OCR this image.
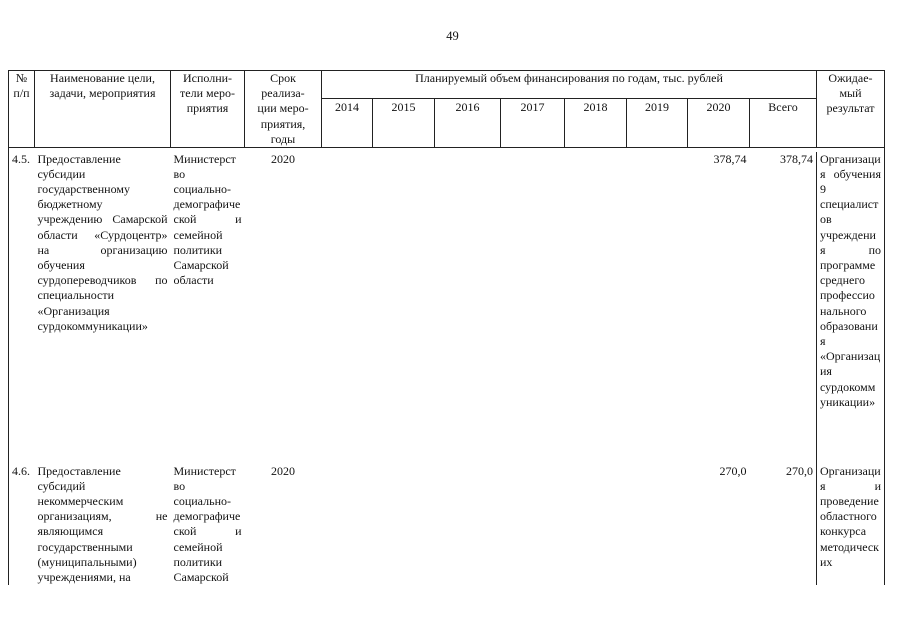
49
№ п/п	Наименование цели, задачи, мероприятия	Исполни-
тели меро-
приятия	Срок
реализа-
ции меро-
приятия,
годы	Планируемый объем финансирования по годам, тыс. рублей								Ожидае-
мый
результат
				2014	2015	2016	2017	2018	2019	2020	Всего	

4.5.	Предоставление субсидии государственному бюджетному учреждению Самарской области «Сурдоцентр» на организацию обучения сурдопереводчиков по специальности «Организация сурдокоммуникации»	Министерство социально-демографической и семейной политики Самарской области	2020							378,74	378,74	Организация обучения 9 специалистов учреждения по программе среднего профессионального образования «Организация сурдокоммуникации»

4.6.	Предоставление субсидий некоммерческим организациям, не являющимся государственными (муниципальными) учреждениями, на	Министерство социально-демографической и семейной политики Самарской	2020							270,0	270,0	Организация и проведение областного конкурса методических
